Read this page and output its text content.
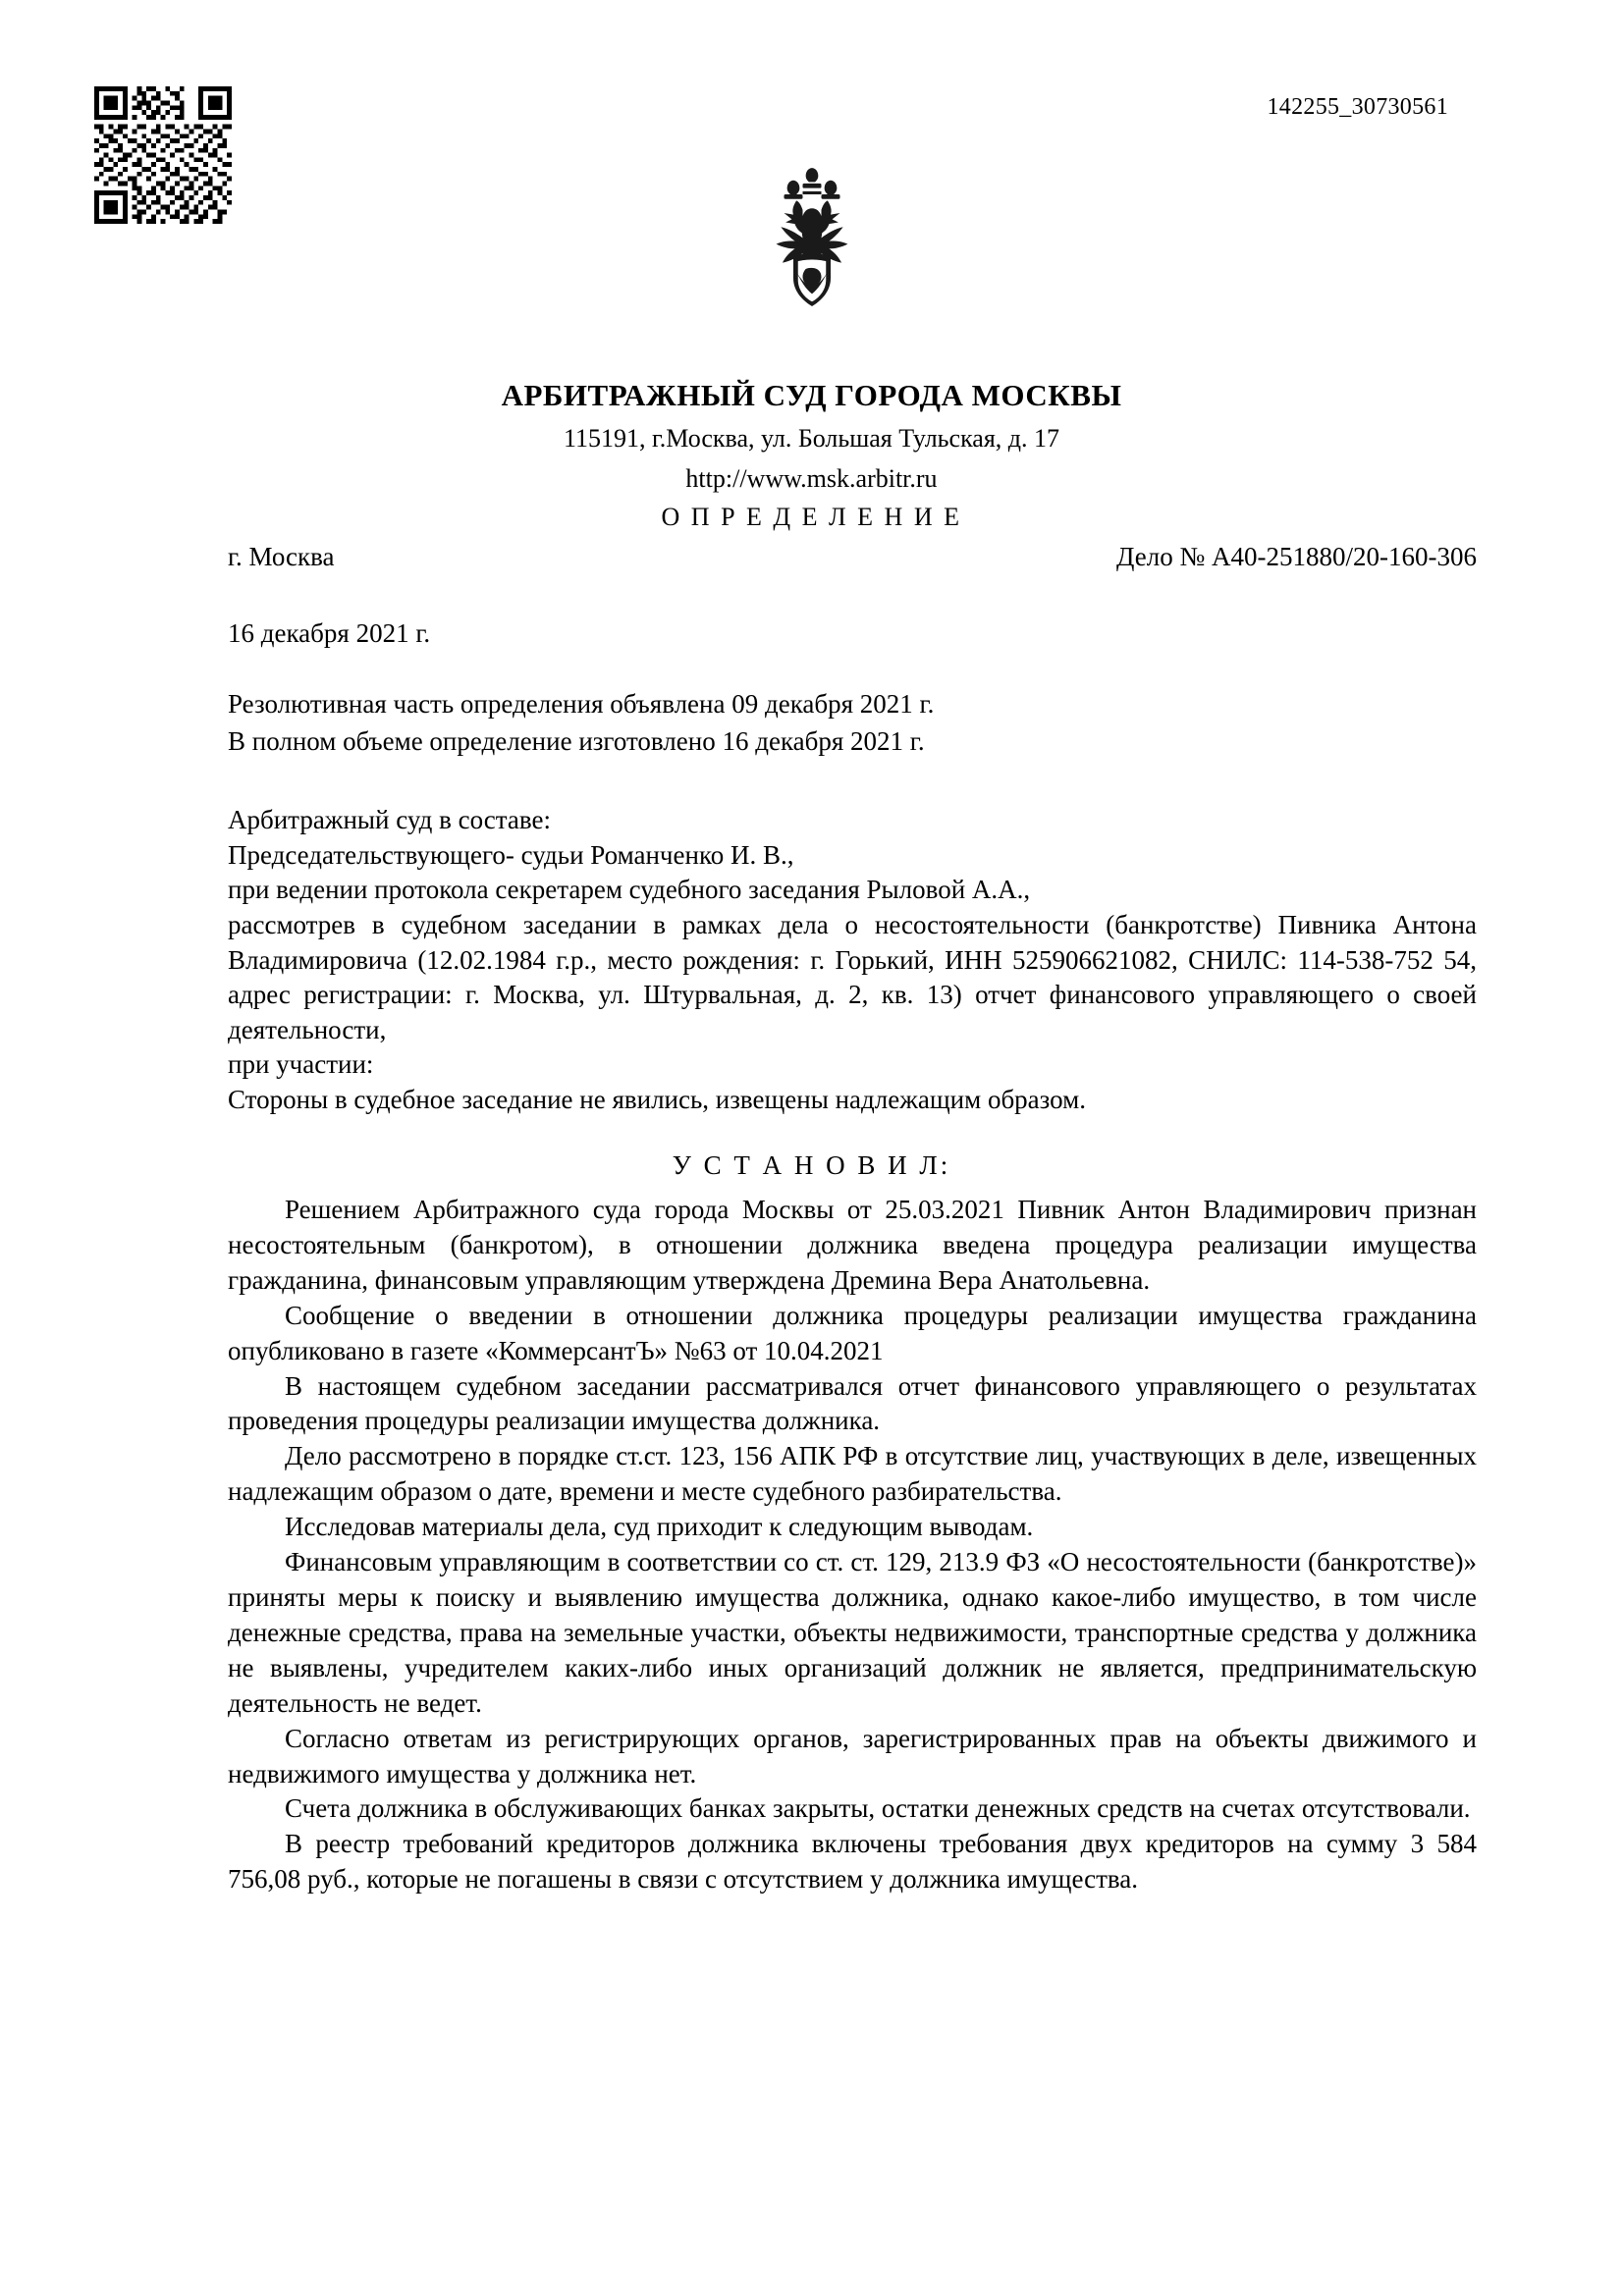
142255_30730561
АРБИТРАЖНЫЙ СУД ГОРОДА МОСКВЫ
115191, г.Москва, ул. Большая Тульская, д. 17
http://www.msk.arbitr.ru
О П Р Е Д Е Л Е Н И Е
г. Москва	Дело № А40-251880/20-160-306
16 декабря 2021 г.
Резолютивная часть определения объявлена 09 декабря 2021 г.
В полном объеме определение изготовлено 16 декабря 2021 г.
Арбитражный суд в составе:
Председательствующего- судьи Романченко И. В.,
при ведении протокола секретарем судебного заседания Рыловой А.А.,
рассмотрев в судебном заседании в рамках дела о несостоятельности (банкротстве) Пивника Антона Владимировича (12.02.1984 г.р., место рождения: г. Горький, ИНН 525906621082, СНИЛС: 114-538-752 54, адрес регистрации: г. Москва, ул. Штурвальная, д. 2, кв. 13) отчет финансового управляющего о своей деятельности,
при участии:
Стороны в судебное заседание не явились, извещены надлежащим образом.
У С Т А Н О В И Л:

Решением Арбитражного суда города Москвы от 25.03.2021 Пивник Антон Владимирович признан несостоятельным (банкротом), в отношении должника введена процедура реализации имущества гражданина, финансовым управляющим утверждена Дремина Вера Анатольевна.

Сообщение о введении в отношении должника процедуры реализации имущества гражданина опубликовано в газете «КоммерсантЪ» №63 от 10.04.2021

В настоящем судебном заседании рассматривался отчет финансового управляющего о результатах проведения процедуры реализации имущества должника.

Дело рассмотрено в порядке ст.ст. 123, 156 АПК РФ в отсутствие лиц, участвующих в деле, извещенных надлежащим образом о дате, времени и месте судебного разбирательства.

Исследовав материалы дела, суд приходит к следующим выводам.

Финансовым управляющим в соответствии со ст. ст. 129, 213.9 ФЗ «О несостоятельности (банкротстве)» приняты меры к поиску и выявлению имущества должника, однако какое-либо имущество, в том числе денежные средства, права на земельные участки, объекты недвижимости, транспортные средства у должника не выявлены, учредителем каких-либо иных организаций должник не является, предпринимательскую деятельность не ведет.

Согласно ответам из регистрирующих органов, зарегистрированных прав на объекты движимого и недвижимого имущества у должника нет.

Счета должника в обслуживающих банках закрыты, остатки денежных средств на счетах отсутствовали.

В реестр требований кредиторов должника включены требования двух кредиторов на сумму 3 584 756,08 руб., которые не погашены в связи с отсутствием у должника имущества.
